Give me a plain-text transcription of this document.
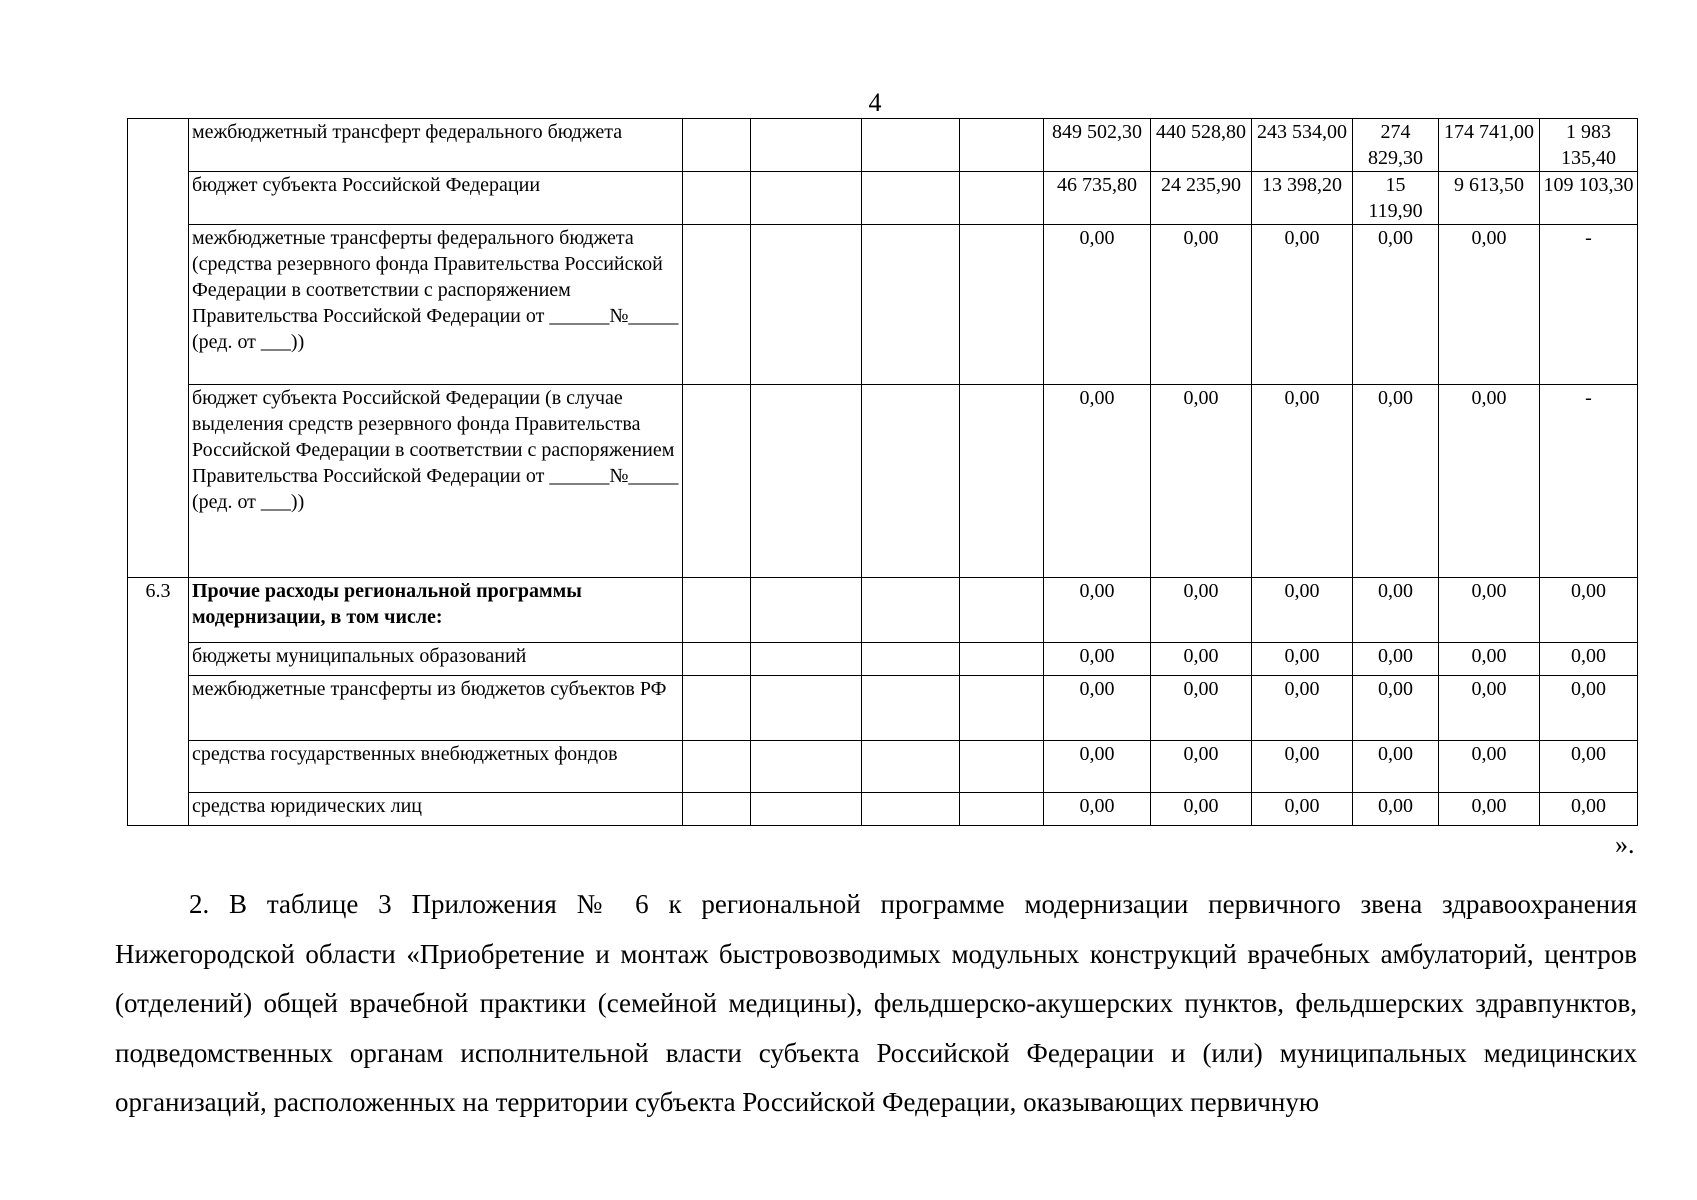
4
	межбюджетный трансферт федерального бюджета					849 502,30	440 528,80	243 534,00	274 829,30	174 741,00	1 983 135,40
	бюджет субъекта Российской Федерации					46 735,80	24 235,90	13 398,20	15 119,90	9 613,50	109 103,30
	межбюджетные трансферты федерального бюджета (средства резервного фонда Правительства Российской Федерации в соответствии с распоряжением Правительства Российской Федерации от ______№_____ (ред. от ___))					0,00	0,00	0,00	0,00	0,00	-
	бюджет субъекта Российской Федерации (в случае выделения средств резервного фонда Правительства Российской Федерации в соответствии с распоряжением Правительства Российской Федерации от ______№_____ (ред. от ___))					0,00	0,00	0,00	0,00	0,00	-
6.3	Прочие расходы региональной программы модернизации, в том числе:					0,00	0,00	0,00	0,00	0,00	0,00
	бюджеты муниципальных образований					0,00	0,00	0,00	0,00	0,00	0,00
	межбюджетные трансферты из бюджетов субъектов РФ					0,00	0,00	0,00	0,00	0,00	0,00
	средства государственных внебюджетных фондов					0,00	0,00	0,00	0,00	0,00	0,00
	средства юридических лиц					0,00	0,00	0,00	0,00	0,00	0,00
».

2. В таблице 3 Приложения № 6 к региональной программе модернизации первичного звена здравоохранения Нижегородской области «Приобретение и монтаж быстровозводимых модульных конструкций врачебных амбулаторий, центров (отделений) общей врачебной практики (семейной медицины), фельдшерско-акушерских пунктов, фельдшерских здравпунктов, подведомственных органам исполнительной власти субъекта Российской Федерации и (или) муниципальных медицинских организаций, расположенных на территории субъекта Российской Федерации, оказывающих первичную
